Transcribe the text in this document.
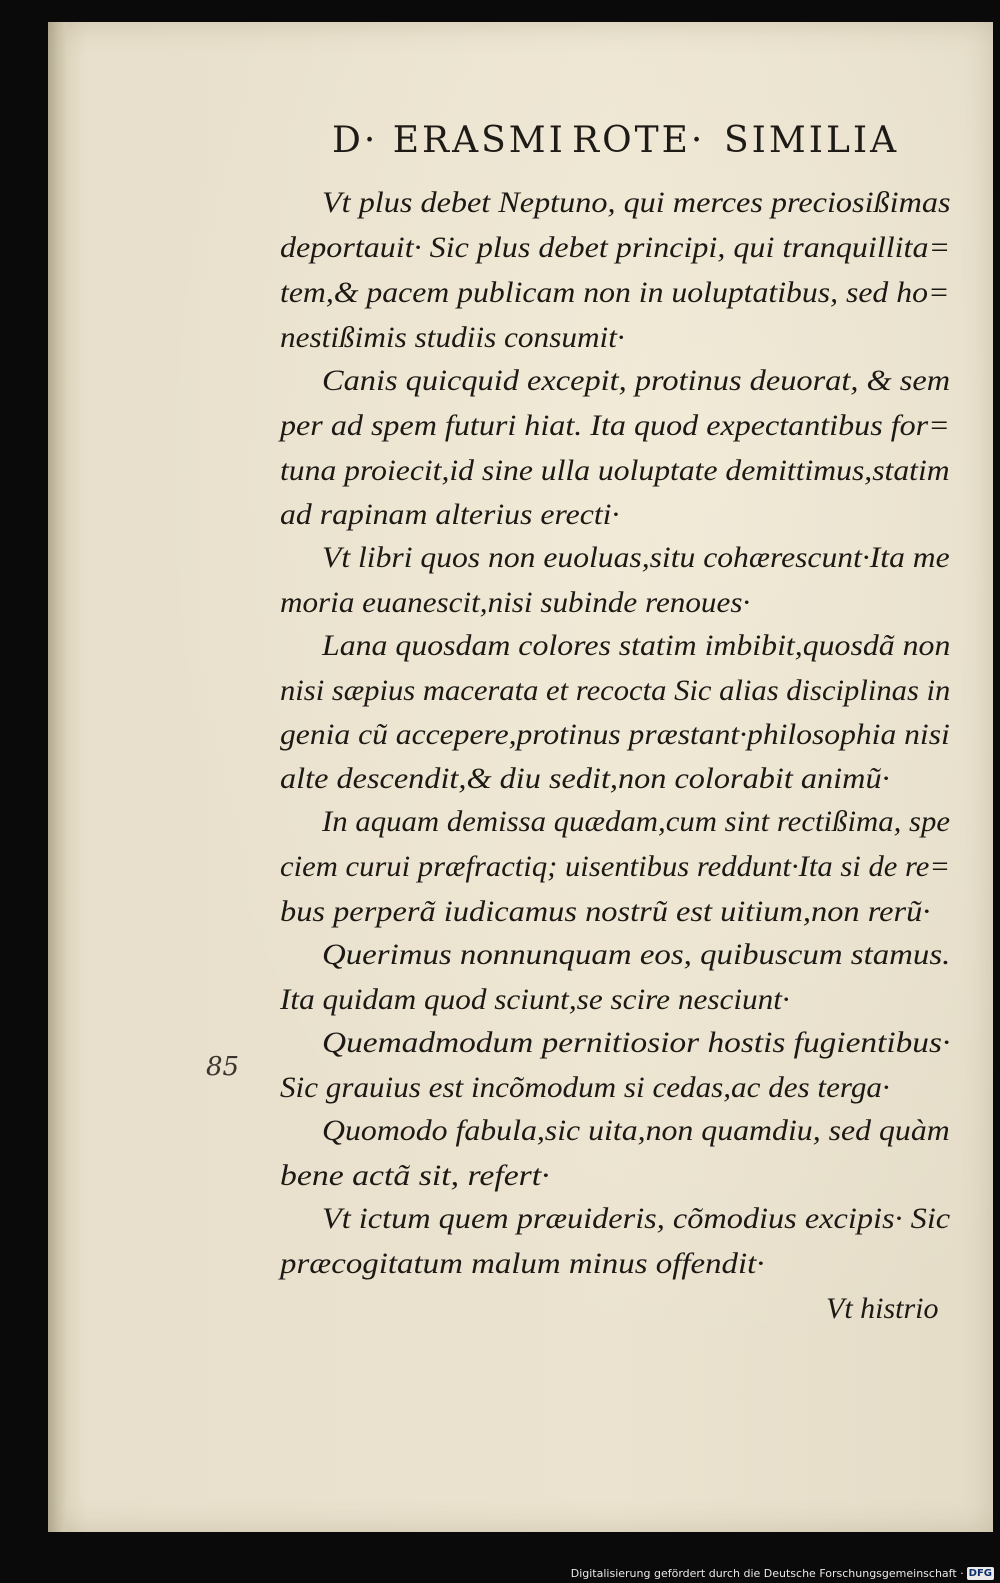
D· ERASMI ROTE· SIMILIA
Vt plus debet Neptuno, qui merces preciosißimas
deportauit· Sic plus debet principi, qui tranquillita=
tem,& pacem publicam non in uoluptatibus, sed ho=
nestißimis studiis consumit·
Canis quicquid excepit, protinus deuorat, & sem
per ad spem futuri hiat. Ita quod expectantibus for=
tuna proiecit,id sine ulla uoluptate demittimus,statim
ad rapinam alterius erecti·
Vt libri quos non euoluas,situ cohærescunt·Ita me
moria euanescit,nisi subinde renoues·
Lana quosdam colores statim imbibit,quosdã non
nisi sæpius macerata et recocta Sic alias disciplinas in
genia cũ accepere,protinus præstant·philosophia nisi
alte descendit,& diu sedit,non colorabit animũ·
In aquam demissa quædam,cum sint rectißima, spe
ciem curui præfractiq; uisentibus reddunt·Ita si de re=
bus perperã iudicamus nostrũ est uitium,non rerũ·
Querimus nonnunquam eos, quibuscum stamus.
Ita quidam quod sciunt,se scire nesciunt·
Quemadmodum pernitiosior hostis fugientibus·
Sic grauius est incõmodum si cedas,ac des terga·
Quomodo fabula,sic uita,non quamdiu, sed quàm
bene actã sit, refert·
Vt ictum quem præuideris, cõmodius excipis· Sic
præcogitatum malum minus offendit·
85
Vt histrio
Digitalisierung gefördert durch die Deutsche Forschungsgemeinschaft · DFG
